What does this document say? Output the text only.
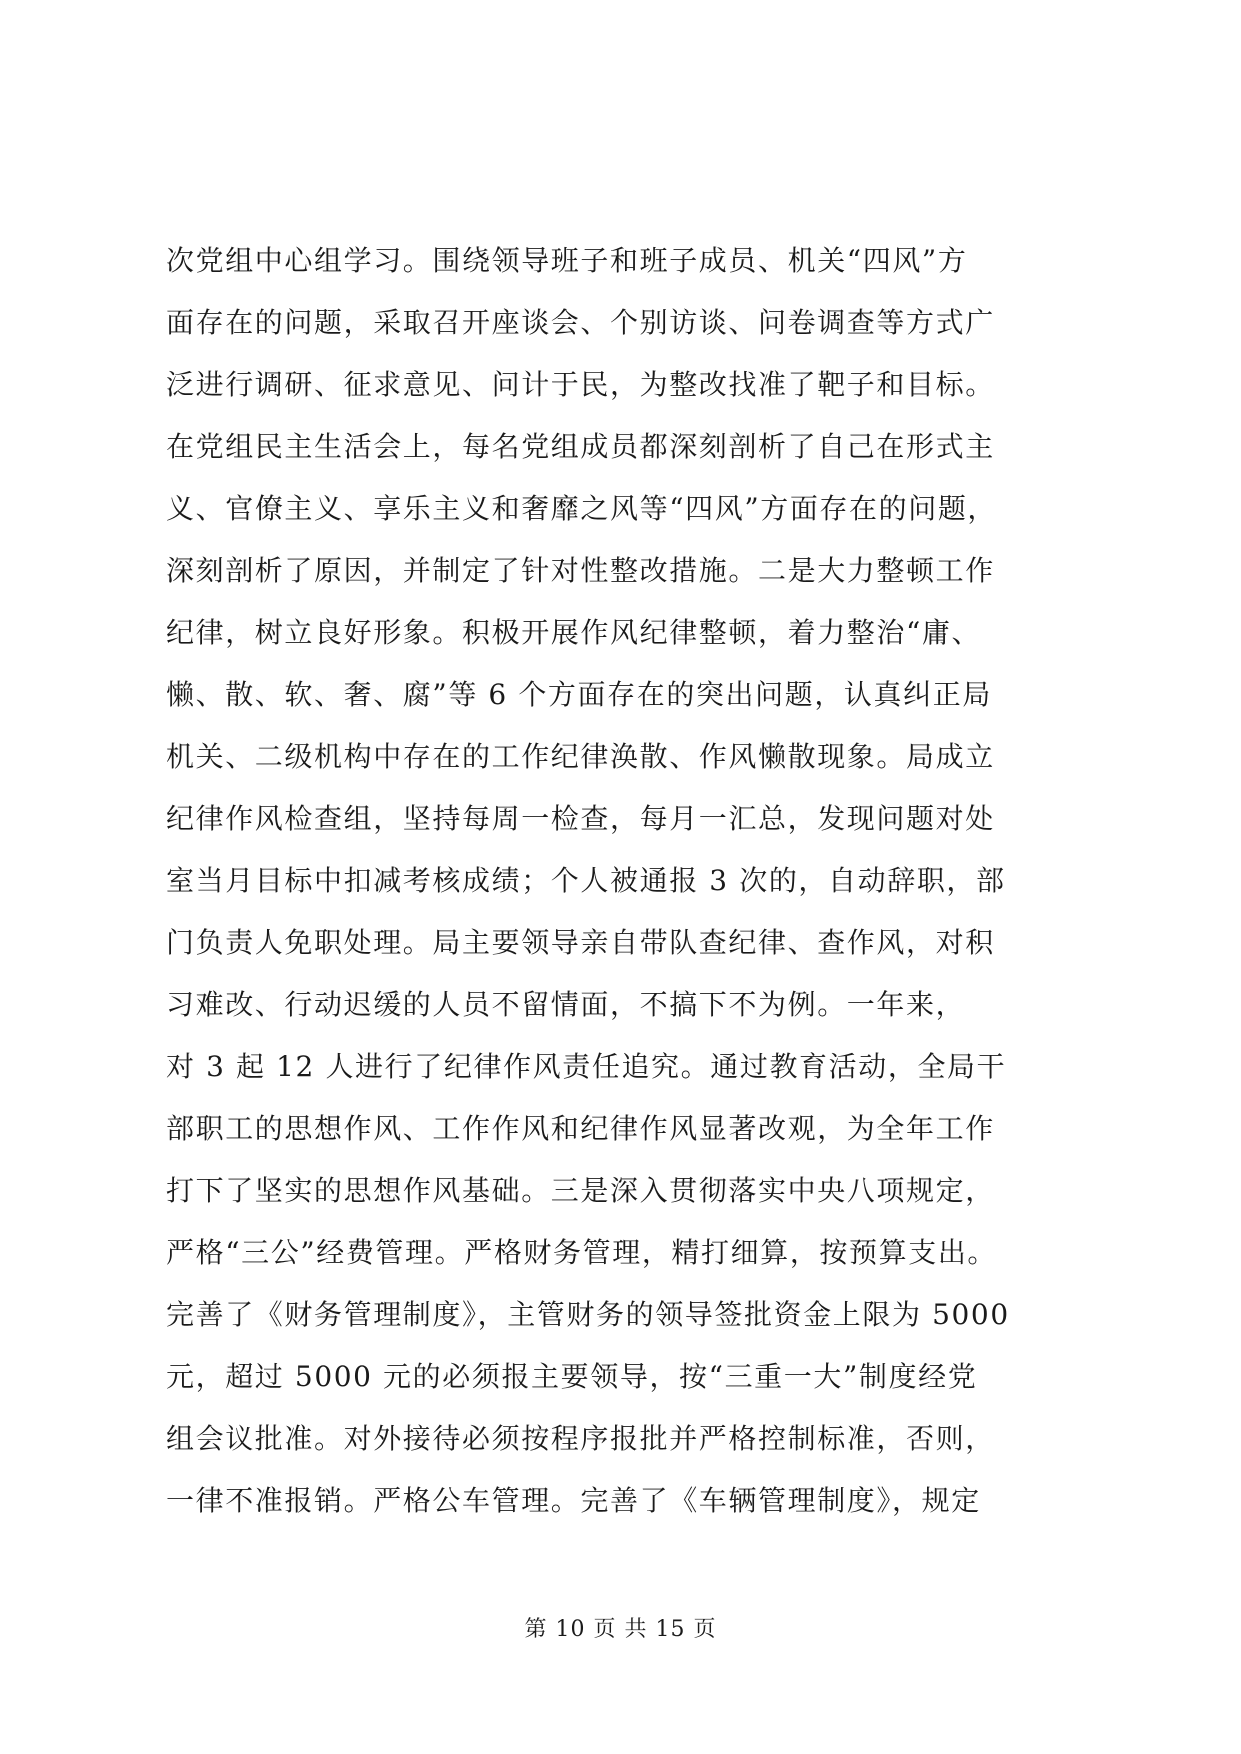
次党组中心组学习。围绕领导班子和班子成员、机关“四风”方
面存在的问题，采取召开座谈会、个别访谈、问卷调查等方式广
泛进行调研、征求意见、问计于民，为整改找准了靶子和目标。
在党组民主生活会上，每名党组成员都深刻剖析了自己在形式主
义、官僚主义、享乐主义和奢靡之风等“四风”方面存在的问题，
深刻剖析了原因，并制定了针对性整改措施。二是大力整顿工作
纪律，树立良好形象。积极开展作风纪律整顿，着力整治“庸、
懒、散、软、奢、腐”等 6 个方面存在的突出问题，认真纠正局
机关、二级机构中存在的工作纪律涣散、作风懒散现象。局成立
纪律作风检查组，坚持每周一检查，每月一汇总，发现问题对处
室当月目标中扣减考核成绩；个人被通报 3 次的，自动辞职，部
门负责人免职处理。局主要领导亲自带队查纪律、查作风，对积
习难改、行动迟缓的人员不留情面，不搞下不为例。一年来，
对 3 起 12 人进行了纪律作风责任追究。通过教育活动，全局干
部职工的思想作风、工作作风和纪律作风显著改观，为全年工作
打下了坚实的思想作风基础。三是深入贯彻落实中央八项规定，
严格“三公”经费管理。严格财务管理，精打细算，按预算支出。
完善了《财务管理制度》，主管财务的领导签批资金上限为 5000
元，超过 5000 元的必须报主要领导，按“三重一大”制度经党
组会议批准。对外接待必须按程序报批并严格控制标准，否则，
一律不准报销。严格公车管理。完善了《车辆管理制度》，规定
第 10 页 共 15 页
